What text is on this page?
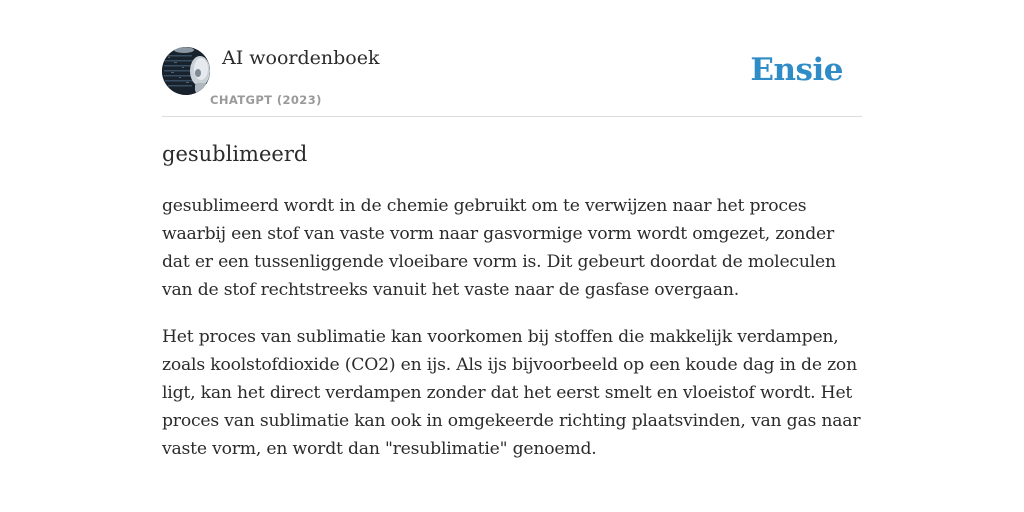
AI woordenboek
CHATGPT (2023)
Ensie
gesublimeerd

gesublimeerd wordt in de chemie gebruikt om te verwijzen naar het proces waarbij een stof van vaste vorm naar gasvormige vorm wordt omgezet, zonder dat er een tussenliggende vloeibare vorm is. Dit gebeurt doordat de moleculen van de stof rechtstreeks vanuit het vaste naar de gasfase overgaan.

Het proces van sublimatie kan voorkomen bij stoffen die makkelijk verdampen, zoals koolstofdioxide (CO2) en ijs. Als ijs bijvoorbeeld op een koude dag in de zon ligt, kan het direct verdampen zonder dat het eerst smelt en vloeistof wordt. Het proces van sublimatie kan ook in omgekeerde richting plaatsvinden, van gas naar vaste vorm, en wordt dan "resublimatie" genoemd.
